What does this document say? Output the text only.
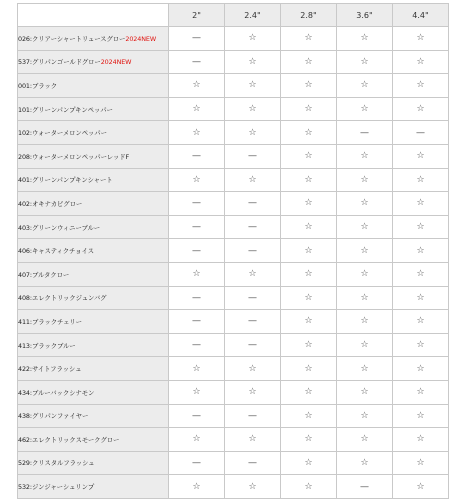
	2"	2.4"	2.8"	3.6"	4.4"
026:クリアーシャートリュースグロー2024NEW	—	☆	☆	☆	☆
537:グリパンゴールドグロー2024NEW	—	☆	☆	☆	☆
001:ブラック	☆	☆	☆	☆	☆
101:グリーンパンプキンペッパー	☆	☆	☆	☆	☆
102:ウォーターメロンペッパー	☆	☆	☆	—	—
208:ウォーターメロンペッパーレッドF	—	—	☆	☆	☆
401:グリーンパンプキンシャート	☆	☆	☆	☆	☆
402:オキナカピグロー	—	—	☆	☆	☆
403:グリーンウィニーブルー	—	—	☆	☆	☆
406:キャスティクチョイス	—	—	☆	☆	☆
407:ブルタクロー	☆	☆	☆	☆	☆
408:エレクトリックジュンバグ	—	—	☆	☆	☆
411:ブラックチェリー	—	—	☆	☆	☆
413:ブラックブルー	—	—	☆	☆	☆
422:サイトフラッシュ	☆	☆	☆	☆	☆
434:ブルーバックシナモン	☆	☆	☆	☆	☆
438:グリパンファイヤー	—	—	☆	☆	☆
462:エレクトリックスモークグロー	☆	☆	☆	☆	☆
529:クリスタルフラッシュ	—	—	☆	☆	☆
532:ジンジャーシュリンプ	☆	☆	☆	—	☆
